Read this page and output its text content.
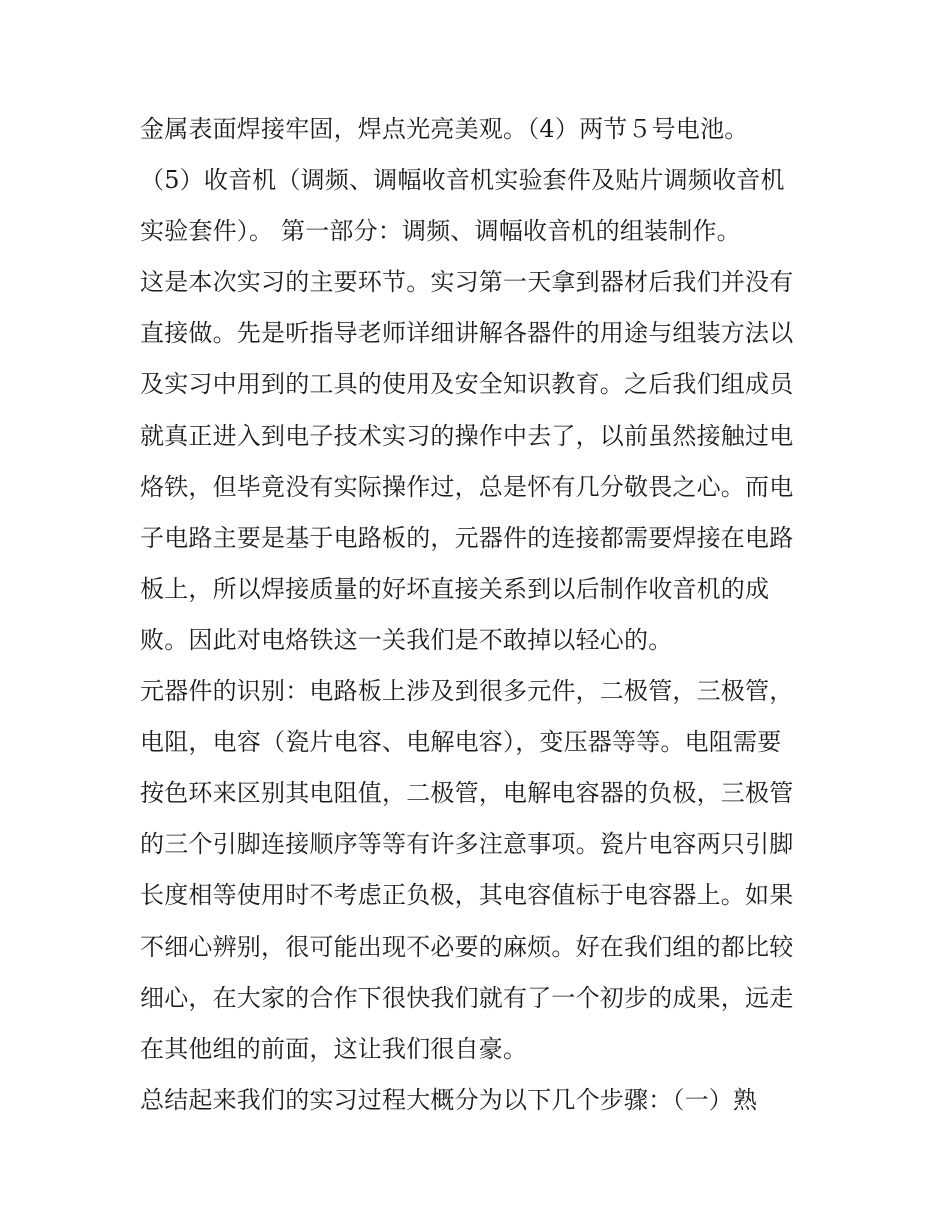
金属表面焊接牢固，焊点光亮美观。（4）两节５号电池。
（5）收音机（调频、调幅收音机实验套件及贴片调频收音机
实验套件）。 第一部分：调频、调幅收音机的组装制作。
这是本次实习的主要环节。实习第一天拿到器材后我们并没有
直接做。先是听指导老师详细讲解各器件的用途与组装方法以
及实习中用到的工具的使用及安全知识教育。之后我们组成员
就真正进入到电子技术实习的操作中去了，以前虽然接触过电
烙铁，但毕竟没有实际操作过，总是怀有几分敬畏之心。而电
子电路主要是基于电路板的，元器件的连接都需要焊接在电路
板上，所以焊接质量的好坏直接关系到以后制作收音机的成
败。因此对电烙铁这一关我们是不敢掉以轻心的。
元器件的识别：电路板上涉及到很多元件，二极管，三极管，
电阻，电容（瓷片电容、电解电容），变压器等等。电阻需要
按色环来区别其电阻值，二极管，电解电容器的负极，三极管
的三个引脚连接顺序等等有许多注意事项。瓷片电容两只引脚
长度相等使用时不考虑正负极，其电容值标于电容器上。如果
不细心辨别，很可能出现不必要的麻烦。好在我们组的都比较
细心，在大家的合作下很快我们就有了一个初步的成果，远走
在其他组的前面，这让我们很自豪。
总结起来我们的实习过程大概分为以下几个步骤：（一）熟
